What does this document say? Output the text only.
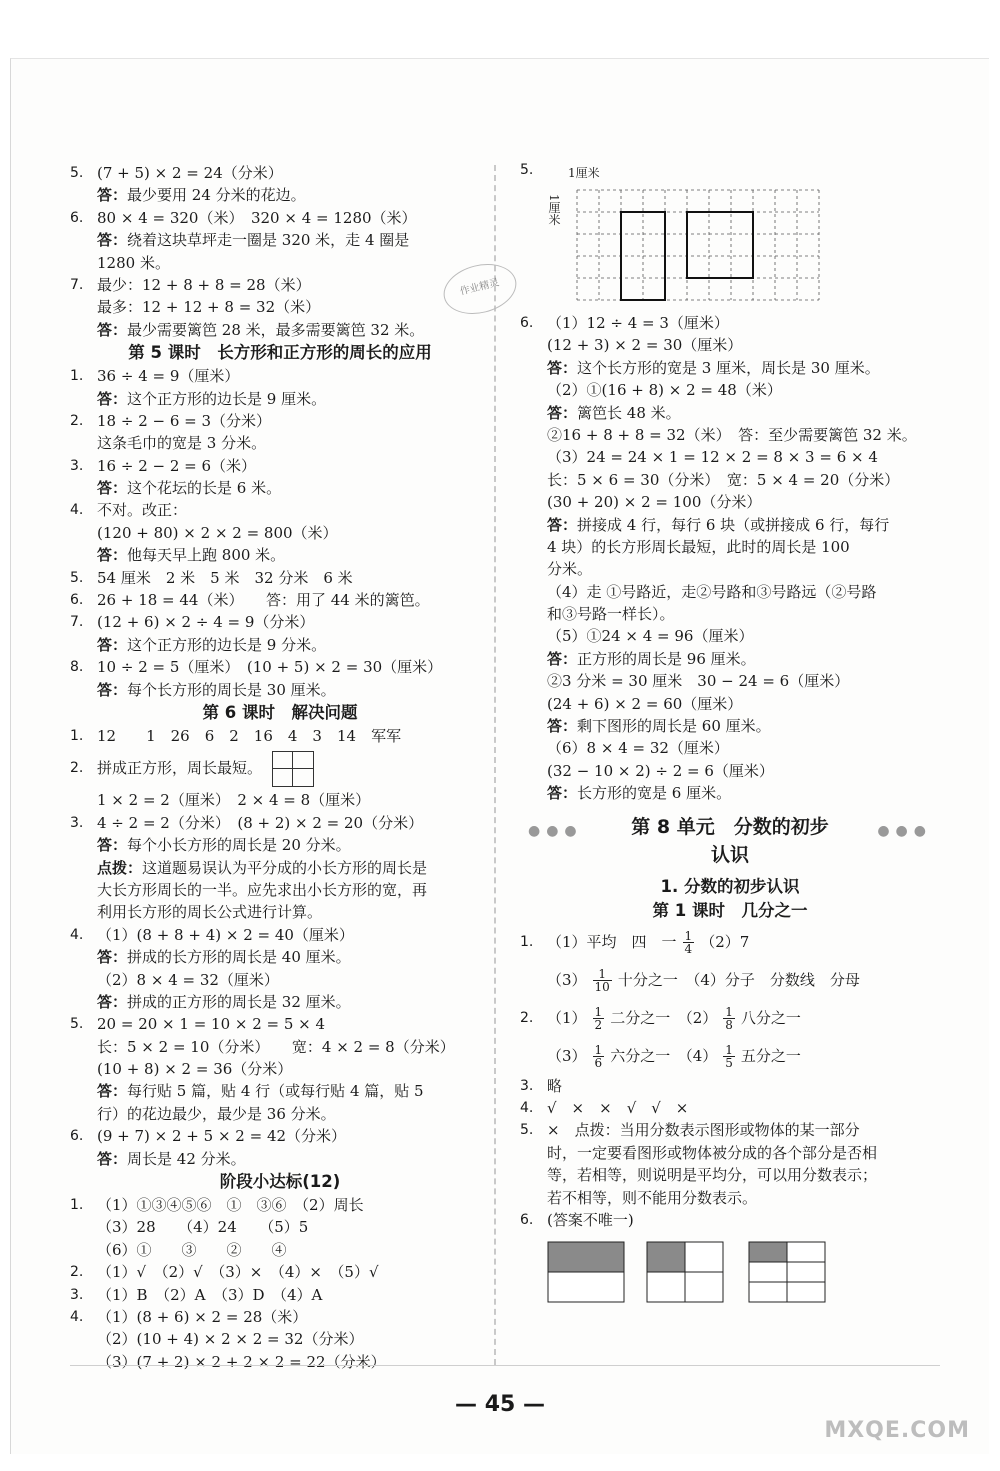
作业精灵
5. (7 + 5) × 2 = 24（分米）
答：最少要用 24 分米的花边。
6. 80 × 4 = 320（米）　320 × 4 = 1280（米）
答：绕着这块草坪走一圈是 320 米，走 4 圈是
1280 米。
7. 最少：12 + 8 + 8 = 28（米）
最多：12 + 12 + 8 = 32（米）
答：最少需要篱笆 28 米，最多需要篱笆 32 米。
第 5 课时　长方形和正方形的周长的应用
1. 36 ÷ 4 = 9（厘米）
答：这个正方形的边长是 9 厘米。
2. 18 ÷ 2 − 6 = 3（分米）
这条毛巾的宽是 3 分米。
3. 16 ÷ 2 − 2 = 6（米）
答：这个花坛的长是 6 米。
4. 不对。改正：
(120 + 80) × 2 × 2 = 800（米）
答：他每天早上跑 800 米。
5. 54 厘米　2 米　5 米　32 分米　6 米
6. 26 + 18 = 44（米）　　答：用了 44 米的篱笆。
7. (12 + 6) × 2 ÷ 4 = 9（分米）
答：这个正方形的边长是 9 分米。
8. 10 ÷ 2 = 5（厘米）　(10 + 5) × 2 = 30（厘米）
答：每个长方形的周长是 30 厘米。
第 6 课时　解决问题
1. 12　　1　26　6　2　16　4　3　14　军军
2. 拼成正方形，周长最短。
1 × 2 = 2（厘米）　2 × 4 = 8（厘米）
3. 4 ÷ 2 = 2（分米）　(8 + 2) × 2 = 20（分米）
答：每个小长方形的周长是 20 分米。
点拨：这道题易误认为平分成的小长方形的周长是
大长方形周长的一半。应先求出小长方形的宽，再
利用长方形的周长公式进行计算。
4. （1）(8 + 8 + 4) × 2 = 40（厘米）
答：拼成的长方形的周长是 40 厘米。
（2）8 × 4 = 32（厘米）
答：拼成的正方形的周长是 32 厘米。
5. 20 = 20 × 1 = 10 × 2 = 5 × 4
长：5 × 2 = 10（分米）　　宽：4 × 2 = 8（分米）
(10 + 8) × 2 = 36（分米）
答：每行贴 5 篇，贴 4 行（或每行贴 4 篇，贴 5
行）的花边最少，最少是 36 分米。
6. (9 + 7) × 2 + 5 × 2 = 42（分米）
答：周长是 42 分米。
阶段小达标(12)
1. （1）①③④⑤⑥　①　③⑥　（2）周长
（3）28　　（4）24　　（5）5
（6）①　　③　　②　　④
2. （1）√　（2）√　（3）×　（4）×　（5）√
3. （1）B　（2）A　（3）D　（4）A
4. （1）(8 + 6) × 2 = 28（米）
（2）(10 + 4) × 2 × 2 = 32（分米）
（3）(7 + 2) × 2 + 2 × 2 = 22（分米）
5.	1厘米
1厘米
6. （1）12 ÷ 4 = 3（厘米）
(12 + 3) × 2 = 30（厘米）
答：这个长方形的宽是 3 厘米，周长是 30 厘米。
（2）①(16 + 8) × 2 = 48（米）
答：篱笆长 48 米。
②16 + 8 + 8 = 32（米）　答：至少需要篱笆 32 米。
（3）24 = 24 × 1 = 12 × 2 = 8 × 3 = 6 × 4
长：5 × 6 = 30（分米）　宽：5 × 4 = 20（分米）
(30 + 20) × 2 = 100（分米）
答：拼接成 4 行，每行 6 块（或拼接成 6 行，每行
4 块）的长方形周长最短，此时的周长是 100
分米。
（4）走 ①号路近，走②号路和③号路远（②号路
和③号路一样长）。
（5）①24 × 4 = 96（厘米）
答：正方形的周长是 96 厘米。
②3 分米 = 30 厘米　30 − 24 = 6（厘米）
(24 + 6) × 2 = 60（厘米）
答：剩下图形的周长是 60 厘米。
（6）8 × 4 = 32（厘米）
(32 − 10 × 2) ÷ 2 = 6（厘米）
答：长方形的宽是 6 厘米。
●●●	●●●
第 8 单元　分数的初步
认识
1. 分数的初步认识
第 1 课时　几分之一
1. （1）平均　四　一 $\frac{1}{4} (2)7$
$(3) \frac{1}{10}$ 十分之一　（4）分子　分数线　分母
2. $(1) \frac{1}{2}$ 二分之一　$(2) \frac{1}{8}$ 八分之一
$(3) \frac{1}{6}$ 六分之一　$(4) \frac{1}{5}$ 五分之一
3. 略
4. √　×　×　√　√　×
5. ×　点拨：当用分数表示图形或物体的某一部分
时，一定要看图形或物体被分成的各个部分是否相
等，若相等，则说明是平均分，可以用分数表示；
若不相等，则不能用分数表示。
6. (答案不唯一)
— 45 —
MXQE.COM
